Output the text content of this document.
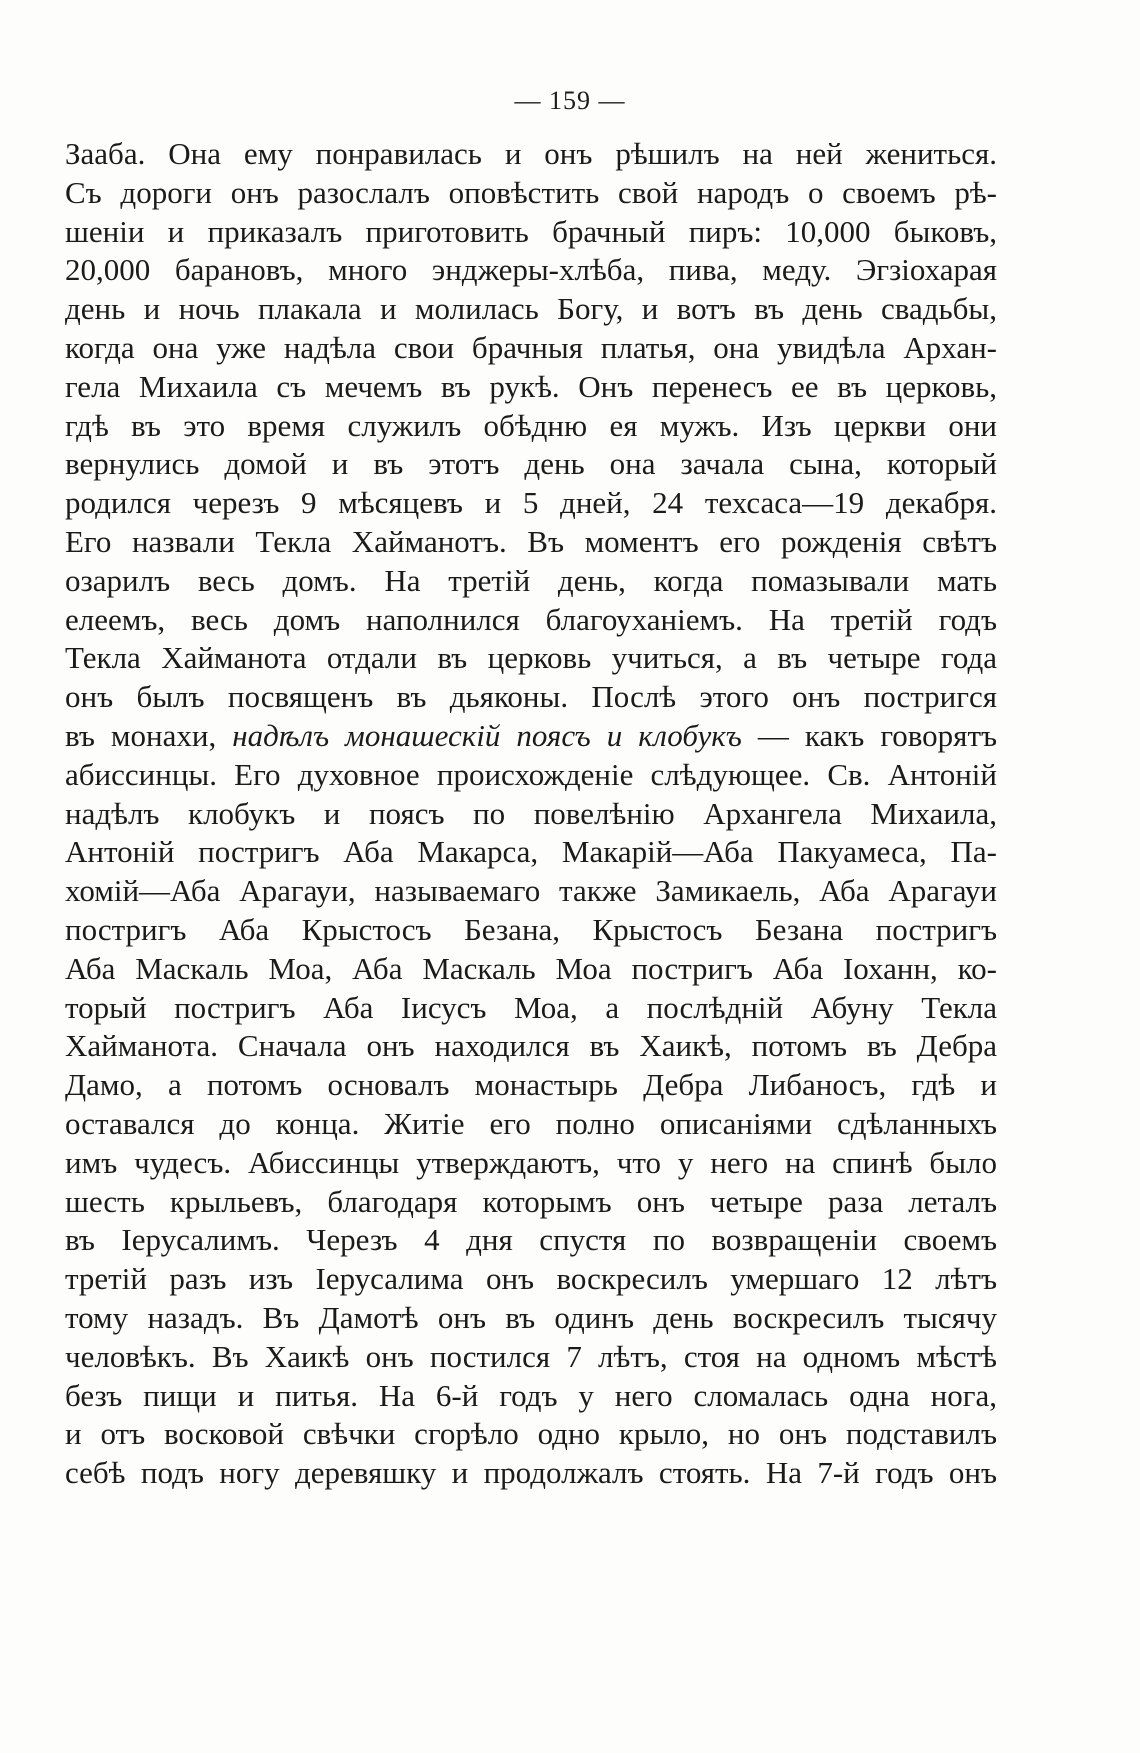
— 159 —
Зааба. Она ему понравилась и онъ рѣшилъ на ней жениться.
Съ дороги онъ разослалъ оповѣстить свой народъ о своемъ рѣ-
шеніи и приказалъ приготовить брачный пиръ: 10,000 быковъ,
20,000 барановъ, много энджеры-хлѣба, пива, меду. Эгзіохарая
день и ночь плакала и молилась Богу, и вотъ въ день свадьбы,
когда она уже надѣла свои брачныя платья, она увидѣла Архан-
гела Михаила съ мечемъ въ рукѣ. Онъ перенесъ ее въ церковь,
гдѣ въ это время служилъ обѣдню ея мужъ. Изъ церкви они
вернулись домой и въ этотъ день она зачала сына, который
родился черезъ 9 мѣсяцевъ и 5 дней, 24 техсаса—19 декабря.
Его назвали Текла Хайманотъ. Въ моментъ его рожденія свѣтъ
озарилъ весь домъ. На третій день, когда помазывали мать
елеемъ, весь домъ наполнился благоуханіемъ. На третій годъ
Текла Хайманота отдали въ церковь учиться, а въ четыре года
онъ былъ посвященъ въ дьяконы. Послѣ этого онъ постригся
въ монахи, надѣлъ монашескій поясъ и клобукъ — какъ говорятъ
абиссинцы. Его духовное происхожденіе слѣдующее. Св. Антоній
надѣлъ клобукъ и поясъ по повелѣнію Архангела Михаила,
Антоній постригъ Аба Макарса, Макарій—Аба Пакуамеса, Па-
хомій—Аба Арагауи, называемаго также Замикаель, Аба Арагауи
постригъ Аба Крыстосъ Безана, Крыстосъ Безана постригъ
Аба Маскаль Моа, Аба Маскаль Моа постригъ Аба Іоханн, ко-
торый постригъ Аба Іисусъ Моа, а послѣдній Абуну Текла
Хайманота. Сначала онъ находился въ Хаикѣ, потомъ въ Дебра
Дамо, а потомъ основалъ монастырь Дебра Либаносъ, гдѣ и
оставался до конца. Житіе его полно описаніями сдѣланныхъ
имъ чудесъ. Абиссинцы утверждаютъ, что у него на спинѣ было
шесть крыльевъ, благодаря которымъ онъ четыре раза леталъ
въ Іерусалимъ. Черезъ 4 дня спустя по возвращеніи своемъ
третій разъ изъ Іерусалима онъ воскресилъ умершаго 12 лѣтъ
тому назадъ. Въ Дамотѣ онъ въ одинъ день воскресилъ тысячу
человѣкъ. Въ Хаикѣ онъ постился 7 лѣтъ, стоя на одномъ мѣстѣ
безъ пищи и питья. На 6-й годъ у него сломалась одна нога,
и отъ восковой свѣчки сгорѣло одно крыло, но онъ подставилъ
себѣ подъ ногу деревяшку и продолжалъ стоять. На 7-й годъ онъ
